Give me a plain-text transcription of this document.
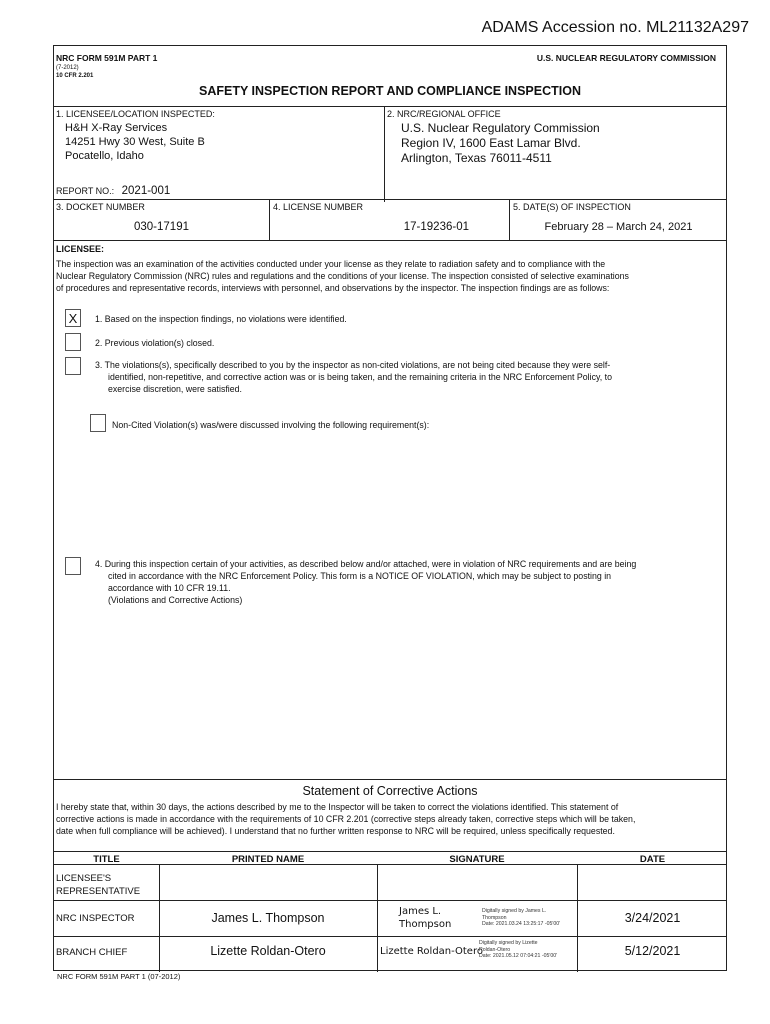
ADAMS Accession no. ML21132A297
NRC FORM 591M PART 1
(7-2012)
10 CFR 2.201
U.S. NUCLEAR REGULATORY COMMISSION
SAFETY INSPECTION REPORT AND COMPLIANCE INSPECTION
1. LICENSEE/LOCATION INSPECTED:
H&H X-Ray Services
14251 Hwy 30 West, Suite B
Pocatello, Idaho
2. NRC/REGIONAL OFFICE
U.S. Nuclear Regulatory Commission
Region IV, 1600 East Lamar Blvd.
Arlington, Texas 76011-4511
REPORT NO.: 2021-001
3. DOCKET NUMBER
030-17191
4. LICENSE NUMBER
17-19236-01
5. DATE(S) OF INSPECTION
February 28 – March 24, 2021
LICENSEE:
The inspection was an examination of the activities conducted under your license as they relate to radiation safety and to compliance with the
Nuclear Regulatory Commission (NRC) rules and regulations and the conditions of your license. The inspection consisted of selective examinations
of procedures and representative records, interviews with personnel, and observations by the inspector. The inspection findings are as follows:
X	1. Based on the inspection findings, no violations were identified.
2. Previous violation(s) closed.
3. The violations(s), specifically described to you by the inspector as non-cited violations, are not being cited because they were self-
identified, non-repetitive, and corrective action was or is being taken, and the remaining criteria in the NRC Enforcement Policy, to
exercise discretion, were satisfied.
Non-Cited Violation(s) was/were discussed involving the following requirement(s):
4. During this inspection certain of your activities, as described below and/or attached, were in violation of NRC requirements and are being
cited in accordance with the NRC Enforcement Policy. This form is a NOTICE OF VIOLATION, which may be subject to posting in
accordance with 10 CFR 19.11.
(Violations and Corrective Actions)
Statement of Corrective Actions
I hereby state that, within 30 days, the actions described by me to the Inspector will be taken to correct the violations identified. This statement of
corrective actions is made in accordance with the requirements of 10 CFR 2.201 (corrective steps already taken, corrective steps which will be taken,
date when full compliance will be achieved). I understand that no further written response to NRC will be required, unless specifically requested.
TITLE	PRINTED NAME	SIGNATURE	DATE
LICENSEE'S
REPRESENTATIVE
NRC INSPECTOR	James L. Thompson	James L.
Thompson
Digitally signed by James L.
Thompson
Date: 2021.03.24 13:25:17 -05'00'	3/24/2021
BRANCH CHIEF	Lizette Roldan-Otero	Lizette Roldan-Otero
Digitally signed by Lizette
Roldan-Otero
Date: 2021.05.12 07:04:21 -05'00'	5/12/2021
NRC FORM 591M PART 1 (07-2012)
